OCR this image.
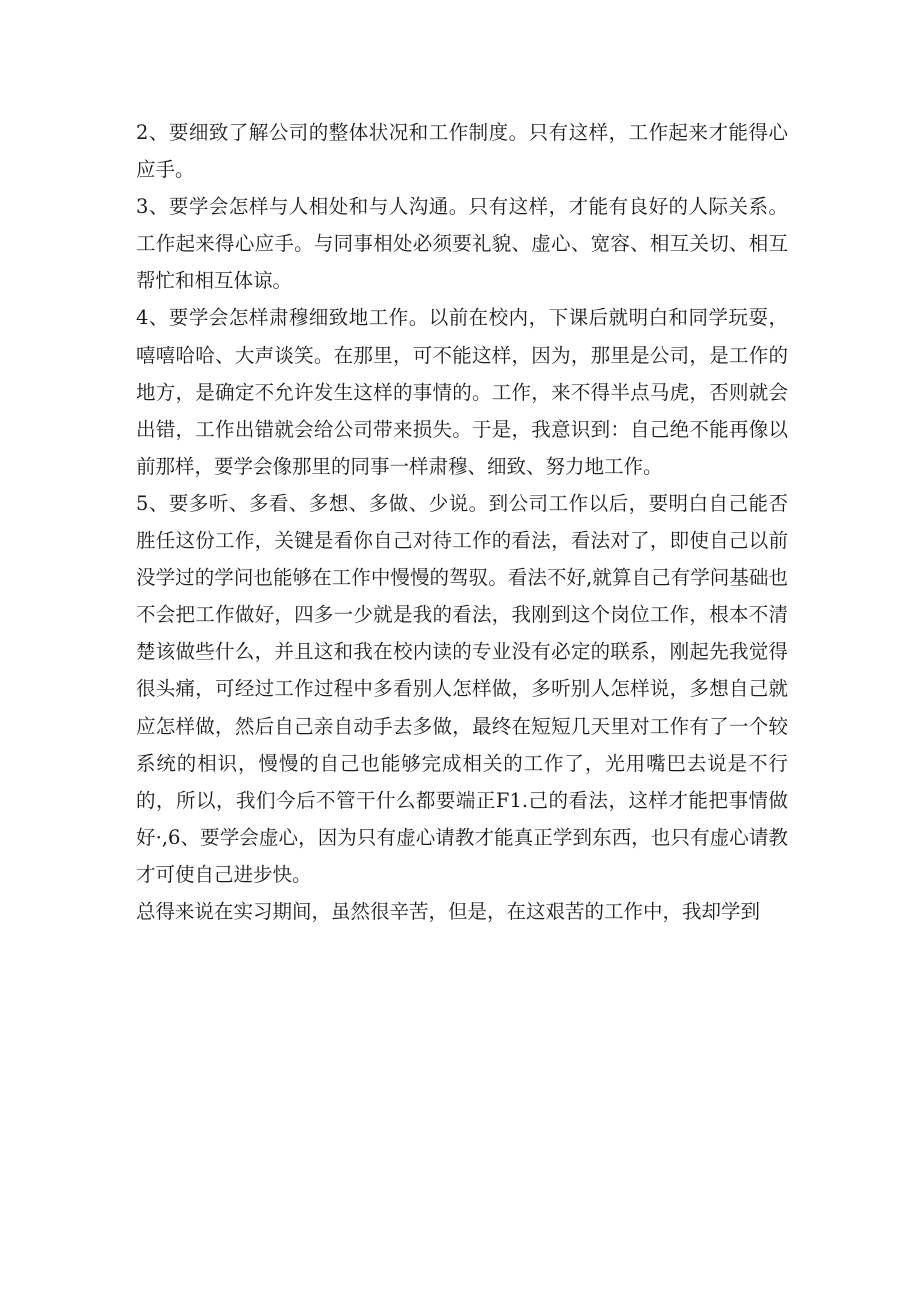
2、要细致了解公司的整体状况和工作制度。只有这样，工作起来才能得心应手。

3、要学会怎样与人相处和与人沟通。只有这样，才能有良好的人际关系。工作起来得心应手。与同事相处必须要礼貌、虚心、宽容、相互关切、相互帮忙和相互体谅。

4、要学会怎样肃穆细致地工作。以前在校内，下课后就明白和同学玩耍，嘻嘻哈哈、大声谈笑。在那里，可不能这样，因为，那里是公司，是工作的地方，是确定不允许发生这样的事情的。工作，来不得半点马虎，否则就会出错，工作出错就会给公司带来损失。于是，我意识到：自己绝不能再像以前那样，要学会像那里的同事一样肃穆、细致、努力地工作。

5、要多听、多看、多想、多做、少说。到公司工作以后，要明白自己能否胜任这份工作，关键是看你自己对待工作的看法，看法对了，即使自己以前没学过的学问也能够在工作中慢慢的驾驭。看法不好,就算自己有学问基础也不会把工作做好，四多一少就是我的看法，我刚到这个岗位工作，根本不清楚该做些什么，并且这和我在校内读的专业没有必定的联系，刚起先我觉得很头痛，可经过工作过程中多看别人怎样做，多听别人怎样说，多想自己就应怎样做，然后自己亲自动手去多做，最终在短短几天里对工作有了一个较系统的相识，慢慢的自己也能够完成相关的工作了，光用嘴巴去说是不行的，所以，我们今后不管干什么都要端正F1.己的看法，这样才能把事情做好·,6、要学会虚心，因为只有虚心请教才能真正学到东西，也只有虚心请教才可使自己进步快。

总得来说在实习期间，虽然很辛苦，但是，在这艰苦的工作中，我却学到
